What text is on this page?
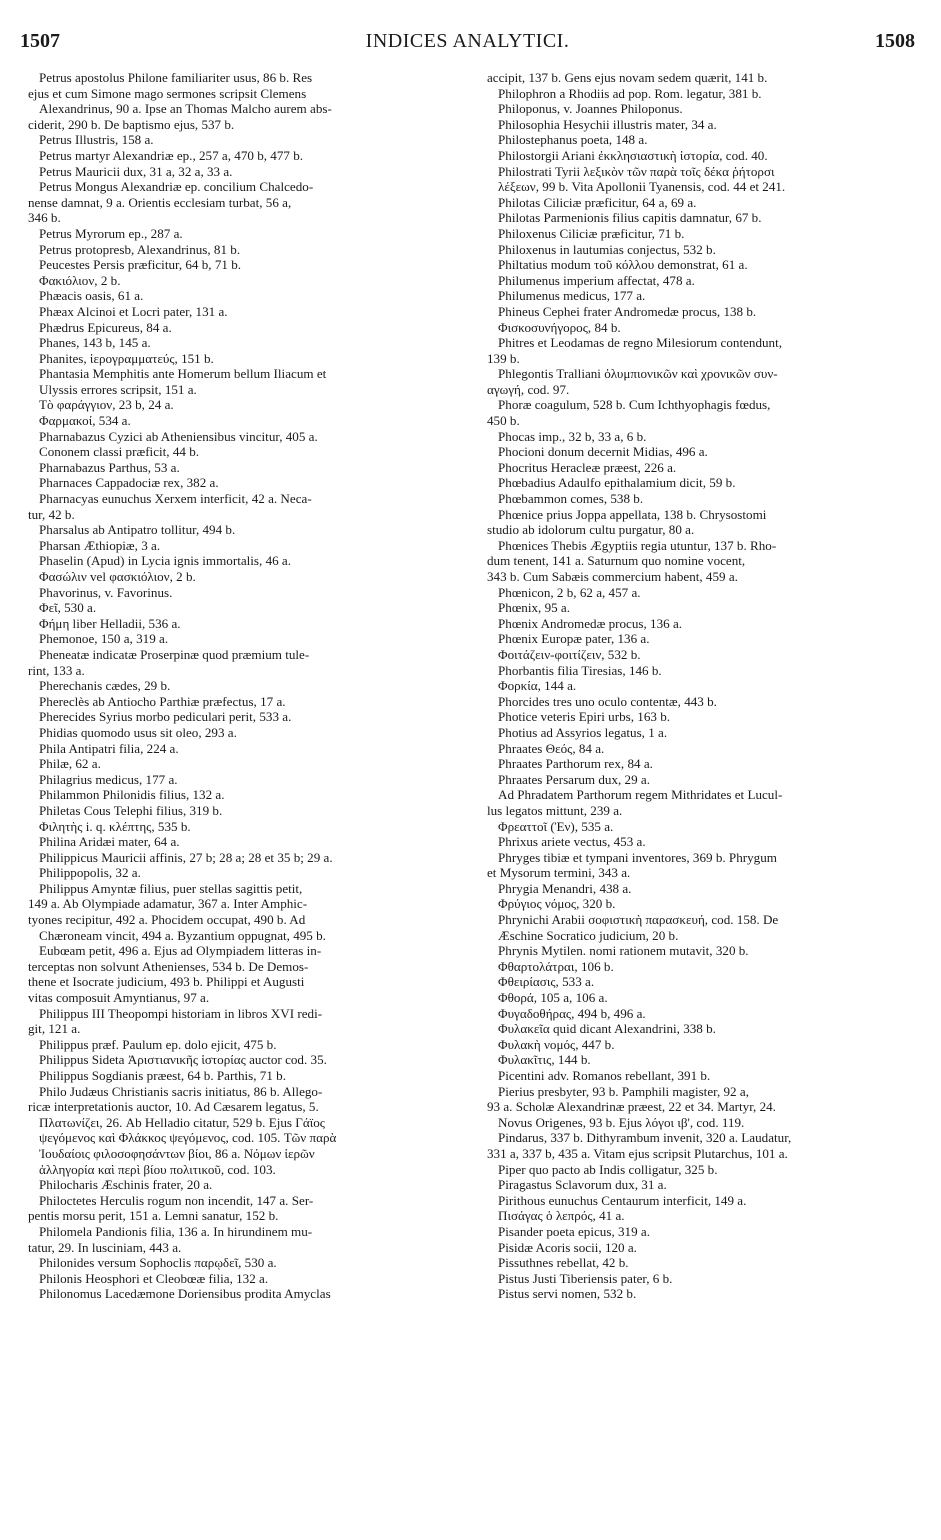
1507	INDICES ANALYTICI.	1508
Petrus apostolus Philone familiariter usus, 86 b. Res
ejus et cum Simone mago sermones scripsit Clemens
Alexandrinus, 90 a. Ipse an Thomas Malcho aurem abs-
ciderit, 290 b. De baptismo ejus, 537 b.
Petrus Illustris, 158 a.
Petrus martyr Alexandriæ ep., 257 a, 470 b, 477 b.
Petrus Mauricii dux, 31 a, 32 a, 33 a.
Petrus Mongus Alexandriæ ep. concilium Chalcedo-
nense damnat, 9 a. Orientis ecclesiam turbat, 56 a,
346 b.
Petrus Myrorum ep., 287 a.
Petrus protopresb, Alexandrinus, 81 b.
Peucestes Persis præficitur, 64 b, 71 b.
Φακιόλιον, 2 b.
Phæacis oasis, 61 a.
Phæax Alcinoi et Locri pater, 131 a.
Phædrus Epicureus, 84 a.
Phanes, 143 b, 145 a.
Phanites, ἱερογραμματεύς, 151 b.
Phantasia Memphitis ante Homerum bellum Iliacum et
Ulyssis errores scripsit, 151 a.
Τὸ φαράγγιον, 23 b, 24 a.
Φαρμακοί, 534 a.
Pharnabazus Cyzici ab Atheniensibus vincitur, 405 a.
Cononem classi præficit, 44 b.
Pharnabazus Parthus, 53 a.
Pharnaces Cappadociæ rex, 382 a.
Pharnacyas eunuchus Xerxem interficit, 42 a. Neca-
tur, 42 b.
Pharsalus ab Antipatro tollitur, 494 b.
Pharsan Æthiopiæ, 3 a.
Phaselin (Apud) in Lycia ignis immortalis, 46 a.
Φασώλιν vel φασκιόλιον, 2 b.
Phavorinus, v. Favorinus.
Φεῖ, 530 a.
Φήμη liber Helladii, 536 a.
Phemonoe, 150 a, 319 a.
Pheneatæ indicatæ Proserpinæ quod præmium tule-
rint, 133 a.
Pherechanis cædes, 29 b.
Phereclès ab Antiocho Parthiæ præfectus, 17 a.
Pherecides Syrius morbo pediculari perit, 533 a.
Phidias quomodo usus sit oleo, 293 a.
Phila Antipatri filia, 224 a.
Philæ, 62 a.
Philagrius medicus, 177 a.
Philammon Philonidis filius, 132 a.
Philetas Cous Telephi filius, 319 b.
Φιλητὴς i. q. κλέπτης, 535 b.
Philina Aridæi mater, 64 a.
Philippicus Mauricii affinis, 27 b; 28 a; 28 et 35 b; 29 a.
Philippopolis, 32 a.
Philippus Amyntæ filius, puer stellas sagittis petit,
149 a. Ab Olympiade adamatur, 367 a. Inter Amphic-
tyones recipitur, 492 a. Phocidem occupat, 490 b. Ad
Chæroneam vincit, 494 a. Byzantium oppugnat, 495 b.
Eubœam petit, 496 a. Ejus ad Olympiadem litteras in-
terceptas non solvunt Athenienses, 534 b. De Demos-
thene et Isocrate judicium, 493 b. Philippi et Augusti
vitas composuit Amyntianus, 97 a.
Philippus III Theopompi historiam in libros XVI redi-
git, 121 a.
Philippus præf. Paulum ep. dolo ejicit, 475 b.
Philippus Sideta Ἀριστιανικῆς ἱστορίας auctor cod. 35.
Philippus Sogdianis præest, 64 b. Parthis, 71 b.
Philo Judæus Christianis sacris initiatus, 86 b. Allego-
ricæ interpretationis auctor, 10. Ad Cæsarem legatus, 5.
Πλατωνίζει, 26. Ab Helladio citatur, 529 b. Ejus Γάϊος
ψεγόμενος καὶ Φλάκκος ψεγόμενος, cod. 105. Τῶν παρὰ
Ἰουδαίοις φιλοσοφησάντων βίοι, 86 a. Νόμων ἱερῶν
ἀλληγορία καὶ περὶ βίου πολιτικοῦ, cod. 103.
Philocharis Æschinis frater, 20 a.
Philoctetes Herculis rogum non incendit, 147 a. Ser-
pentis morsu perit, 151 a. Lemni sanatur, 152 b.
Philomela Pandionis filia, 136 a. In hirundinem mu-
tatur, 29. In lusciniam, 443 a.
Philonides versum Sophoclis παρῳδεῖ, 530 a.
Philonis Heosphori et Cleobœæ filia, 132 a.
Philonomus Lacedæmone Doriensibus prodita Amyclas
accipit, 137 b. Gens ejus novam sedem quærit, 141 b.
Philophron a Rhodiis ad pop. Rom. legatur, 381 b.
Philoponus, v. Joannes Philoponus.
Philosophia Hesychii illustris mater, 34 a.
Philostephanus poeta, 148 a.
Philostorgii Ariani ἐκκλησιαστικὴ ἱστορία, cod. 40.
Philostrati Tyrii λεξικὸν τῶν παρὰ τοῖς δέκα ῥήτορσι
λέξεων, 99 b. Vita Apollonii Tyanensis, cod. 44 et 241.
Philotas Ciliciæ præficitur, 64 a, 69 a.
Philotas Parmenionis filius capitis damnatur, 67 b.
Philoxenus Ciliciæ præficitur, 71 b.
Philoxenus in lautumias conjectus, 532 b.
Philtatius modum τοῦ κόλλου demonstrat, 61 a.
Philumenus imperium affectat, 478 a.
Philumenus medicus, 177 a.
Phineus Cephei frater Andromedæ procus, 138 b.
Φισκοσυνήγορος, 84 b.
Phitres et Leodamas de regno Milesiorum contendunt,
139 b.
Phlegontis Tralliani ὀλυμπιονικῶν καὶ χρονικῶν συν-
αγωγή, cod. 97.
Phoræ coagulum, 528 b. Cum Ichthyophagis fœdus,
450 b.
Phocas imp., 32 b, 33 a, 6 b.
Phocioni donum decernit Midias, 496 a.
Phocritus Heracleæ præest, 226 a.
Phœbadius Adaulfo epithalamium dicit, 59 b.
Phœbammon comes, 538 b.
Phœnice prius Joppa appellata, 138 b. Chrysostomi
studio ab idolorum cultu purgatur, 80 a.
Phœnices Thebis Ægyptiis regia utuntur, 137 b. Rho-
dum tenent, 141 a. Saturnum quo nomine vocent,
343 b. Cum Sabæis commercium habent, 459 a.
Phœnicon, 2 b, 62 a, 457 a.
Phœnix, 95 a.
Phœnix Andromedæ procus, 136 a.
Phœnix Europæ pater, 136 a.
Φοιτάζειν-φοιτίζειν, 532 b.
Phorbantis filia Tiresias, 146 b.
Φορκία, 144 a.
Phorcides tres uno oculo contentæ, 443 b.
Photice veteris Epiri urbs, 163 b.
Photius ad Assyrios legatus, 1 a.
Phraates Θεός, 84 a.
Phraates Parthorum rex, 84 a.
Phraates Persarum dux, 29 a.
Ad Phradatem Parthorum regem Mithridates et Lucul-
lus legatos mittunt, 239 a.
Φρεαττοῖ (Ἐν), 535 a.
Phrixus ariete vectus, 453 a.
Phryges tibiæ et tympani inventores, 369 b. Phrygum
et Mysorum termini, 343 a.
Phrygia Menandri, 438 a.
Φρύγιος νόμος, 320 b.
Phrynichi Arabii σοφιστικὴ παρασκευή, cod. 158. De
Æschine Socratico judicium, 20 b.
Phrynis Mytilen. nomi rationem mutavit, 320 b.
Φθαρτολάτραι, 106 b.
Φθειρίασις, 533 a.
Φθορά, 105 a, 106 a.
Φυγαδοθήρας, 494 b, 496 a.
Φυλακεῖα quid dicant Alexandrini, 338 b.
Φυλακὴ νομός, 447 b.
Φυλακῖτις, 144 b.
Picentini adv. Romanos rebellant, 391 b.
Pierius presbyter, 93 b. Pamphili magister, 92 a,
93 a. Scholæ Alexandrinæ præest, 22 et 34. Martyr, 24.
Novus Origenes, 93 b. Ejus λόγοι ιβ', cod. 119.
Pindarus, 337 b. Dithyrambum invenit, 320 a. Laudatur,
331 a, 337 b, 435 a. Vitam ejus scripsit Plutarchus, 101 a.
Piper quo pacto ab Indis colligatur, 325 b.
Piragastus Sclavorum dux, 31 a.
Pirithous eunuchus Centaurum interficit, 149 a.
Πισάγας ὁ λεπρός, 41 a.
Pisander poeta epicus, 319 a.
Pisidæ Acoris socii, 120 a.
Pissuthnes rebellat, 42 b.
Pistus Justi Tiberiensis pater, 6 b.
Pistus servi nomen, 532 b.
